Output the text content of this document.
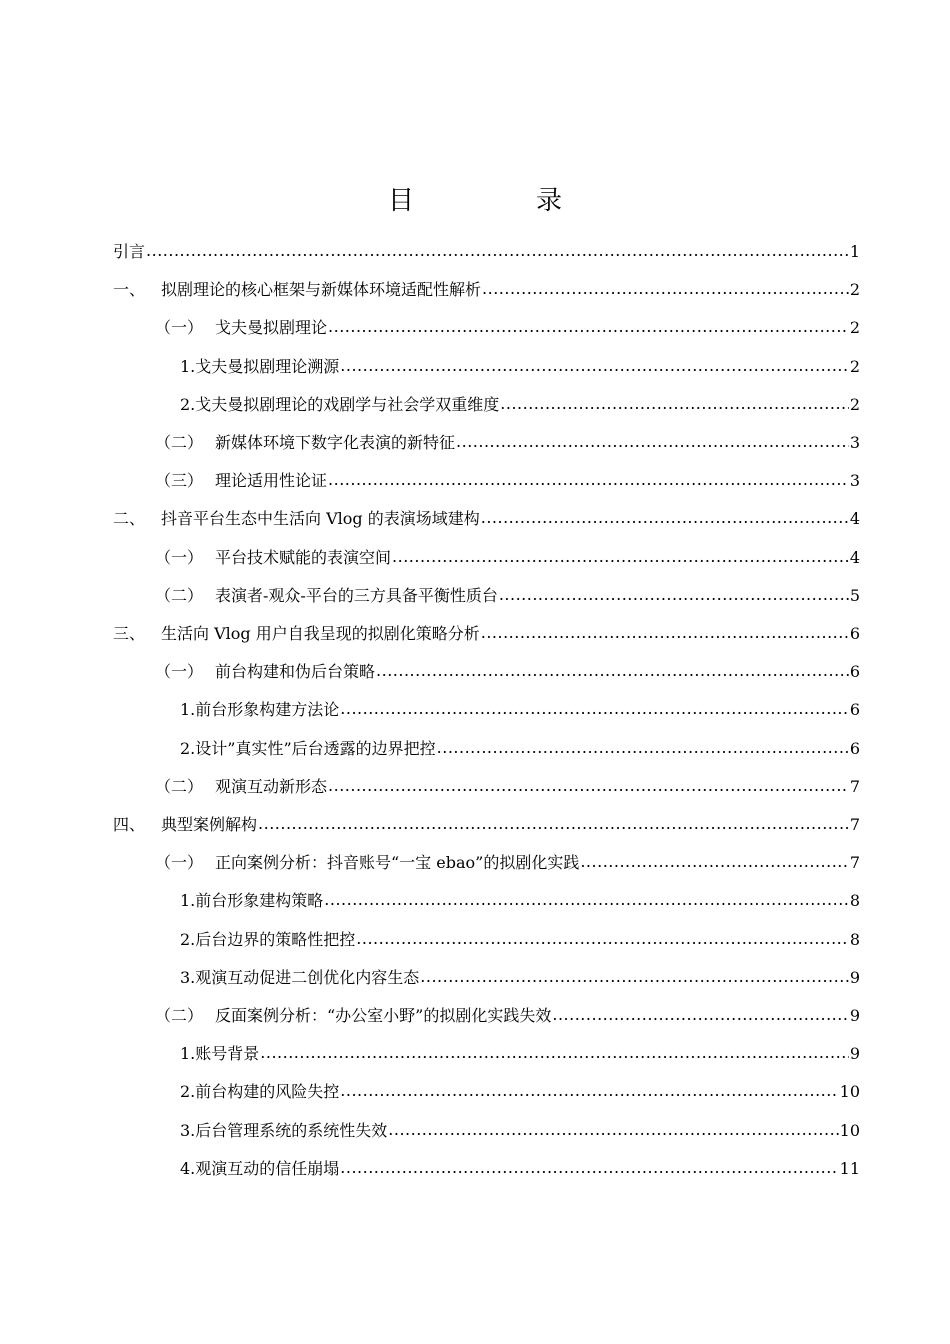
目　录
引言 .....	1
一、 拟剧理论的核心框架与新媒体环境适配性解析 .....	2
（一） 戈夫曼拟剧理论 .....	2
1.戈夫曼拟剧理论溯源 .....	2
2.戈夫曼拟剧理论的戏剧学与社会学双重维度 .....	2
（二） 新媒体环境下数字化表演的新特征 .....	3
（三） 理论适用性论证 .....	3
二、 抖音平台生态中生活向 Vlog 的表演场域建构 .....	4
（一） 平台技术赋能的表演空间 .....	4
（二） 表演者-观众-平台的三方具备平衡性质台 .....	5
三、 生活向 Vlog 用户自我呈现的拟剧化策略分析 .....	6
（一） 前台构建和伪后台策略 .....	6
1.前台形象构建方法论 .....	6
2.设计”真实性”后台透露的边界把控 .....	6
（二） 观演互动新形态 .....	7
四、 典型案例解构 .....	7
（一） 正向案例分析：抖音账号“一宝 ebao”的拟剧化实践 .....	7
1.前台形象建构策略 .....	8
2.后台边界的策略性把控 .....	8
3.观演互动促进二创优化内容生态 .....	9
（二） 反面案例分析：“办公室小野”的拟剧化实践失效 .....	9
1.账号背景 .....	9
2.前台构建的风险失控 .....	10
3.后台管理系统的系统性失效 .....	10
4.观演互动的信任崩塌 .....	11
